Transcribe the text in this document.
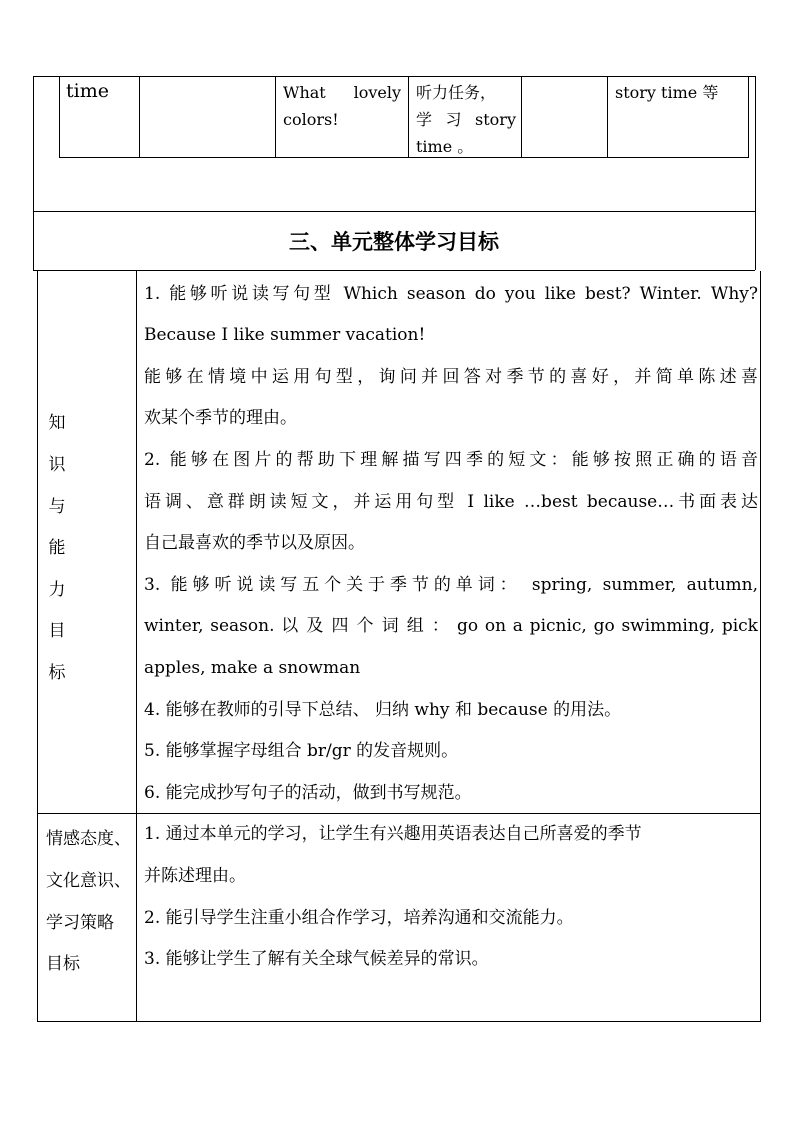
time	What lovely
colors!
听力任务，
学 习 story
time 。
story time 等
三、单元整体学习目标
知
识
与
能
力
目
标
1. 能够听说读写句型 Which season do you like best? Winter. Why?
Because I like summer vacation!
能够在情境中运用句型，询问并回答对季节的喜好，并简单陈述喜
欢某个季节的理由。
2. 能够在图片的帮助下理解描写四季的短文：能够按照正确的语音
语调、意群朗读短文，并运用句型 I like …best because…书面表达
自己最喜欢的季节以及原因。
3. 能够听说读写五个关于季节的单词： spring, summer, autumn,
winter, season. 以 及 四 个 词 组 ： go on a picnic, go swimming, pick
apples, make a snowman
4. 能够在教师的引导下总结、 归纳 why 和 because 的用法。
5. 能够掌握字母组合 br/gr 的发音规则。
6. 能完成抄写句子的活动，做到书写规范。
情感态度、
文化意识、
学习策略
目标
1. 通过本单元的学习，让学生有兴趣用英语表达自己所喜爱的季节
并陈述理由。
2. 能引导学生注重小组合作学习，培养沟通和交流能力。
3. 能够让学生了解有关全球气候差异的常识。
